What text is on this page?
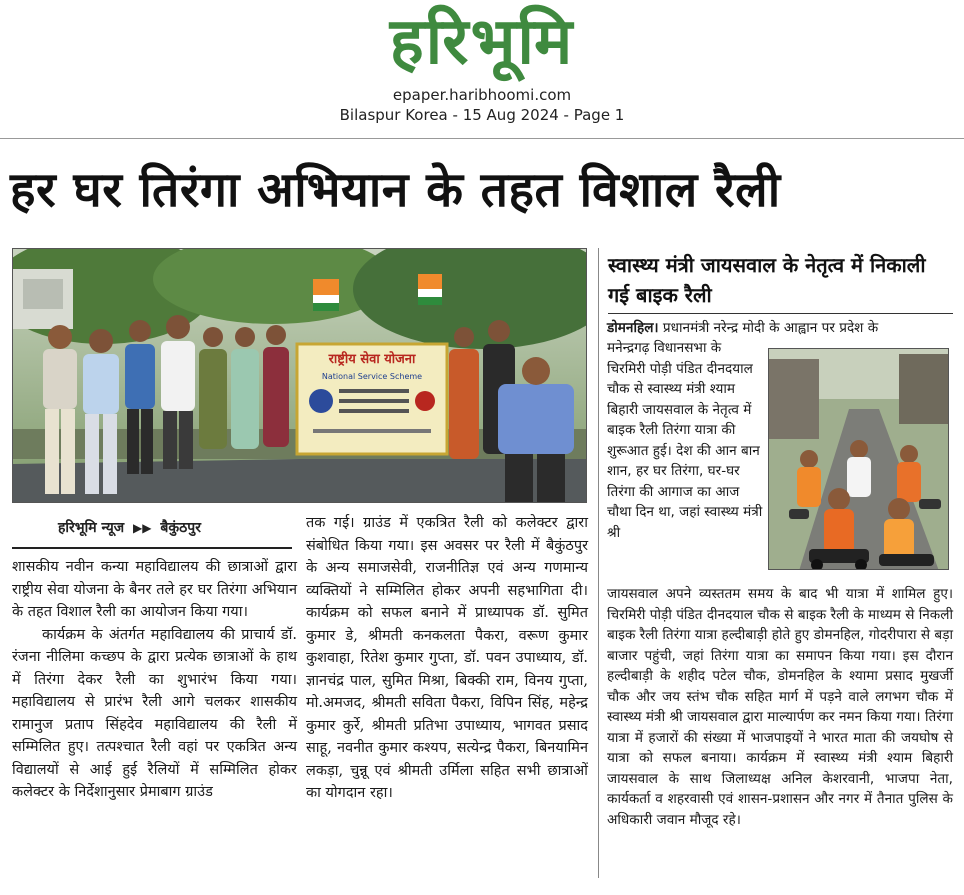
हरिभूमि
epaper.haribhoomi.com
Bilaspur Korea - 15 Aug 2024 - Page 1
हर घर तिरंगा अभियान के तहत विशाल रैली
राष्ट्रीय सेवा योजना
National Service Scheme
हरिभूमि न्यूज ▶▶ बैकुंठपुर

शासकीय नवीन कन्या महाविद्यालय की छात्राओं द्वारा राष्ट्रीय सेवा योजना के बैनर तले हर घर तिरंगा अभियान के तहत विशाल रैली का आयोजन किया गया।

कार्यक्रम के अंतर्गत महाविद्यालय की प्राचार्य डॉ. रंजना नीलिमा कच्छप के द्वारा प्रत्येक छात्राओं के हाथ में तिरंगा देकर रैली का शुभारंभ किया गया। महाविद्यालय से प्रारंभ रैली आगे चलकर शासकीय रामानुज प्रताप सिंहदेव महाविद्यालय की रैली में सम्मिलित हुए। तत्पश्चात रैली वहां पर एकत्रित अन्य विद्यालयों से आई हुई रैलियों में सम्मिलित होकर कलेक्टर के निर्देशानुसार प्रेमाबाग ग्राउंड

तक गई। ग्राउंड में एकत्रित रैली को कलेक्टर द्वारा संबोधित किया गया। इस अवसर पर रैली में बैकुंठपुर के अन्य समाजसेवी, राजनीतिज्ञ एवं अन्य गणमान्य व्यक्तियों ने सम्मिलित होकर अपनी सहभागिता दी। कार्यक्रम को सफल बनाने में प्राध्यापक डॉ. सुमित कुमार डे, श्रीमती कनकलता पैकरा, वरूण कुमार कुशवाहा, रितेश कुमार गुप्ता, डॉ. पवन उपाध्याय, डॉ. ज्ञानचंद्र पाल, सुमित मिश्रा, बिक्की राम, विनय गुप्ता, मो.अमजद, श्रीमती सविता पैकरा, विपिन सिंह, महेन्द्र कुमार कुर्रे, श्रीमती प्रतिभा उपाध्याय, भागवत प्रसाद साहू, नवनीत कुमार कश्यप, सत्येन्द्र पैकरा, बिनयामिन लकड़ा, चुन्नू एवं श्रीमती उर्मिला सहित सभी छात्राओं का योगदान रहा।

स्वास्थ्य मंत्री जायसवाल के नेतृत्व में निकाली गई बाइक रैली
डोमनहिल। प्रधानमंत्री नरेन्द्र मोदी के आह्वान पर प्रदेश के
मनेन्द्रगढ़ विधानसभा के चिरमिरी पोड़ी पंडित दीनदयाल चौक से स्वास्थ्य मंत्री श्याम बिहारी जायसवाल के नेतृत्व में बाइक रैली तिरंगा यात्रा की शुरूआत हुई। देश की आन बान शान, हर घर तिरंगा, घर-घर तिरंगा की आगाज का आज चौथा दिन था, जहां स्वास्थ्य मंत्री श्री
जायसवाल अपने व्यस्ततम समय के बाद भी यात्रा में शामिल हुए। चिरमिरी पोड़ी पंडित दीनदयाल चौक से बाइक रैली के माध्यम से निकली बाइक रैली तिरंगा यात्रा हल्दीबाड़ी होते हुए डोमनहिल, गोदरीपारा से बड़ा बाजार पहुंची, जहां तिरंगा यात्रा का समापन किया गया। इस दौरान हल्दीबाड़ी के शहीद पटेल चौक, डोमनहिल के श्यामा प्रसाद मुखर्जी चौक और जय स्तंभ चौक सहित मार्ग में पड़ने वाले लगभग चौक में स्वास्थ्य मंत्री श्री जायसवाल द्वारा माल्यार्पण कर नमन किया गया। तिरंगा यात्रा में हजारों की संख्या में भाजपाइयों ने भारत माता की जयघोष से यात्रा को सफल बनाया। कार्यक्रम में स्वास्थ्य मंत्री श्याम बिहारी जायसवाल के साथ जिलाध्यक्ष अनिल केशरवानी, भाजपा नेता, कार्यकर्ता व शहरवासी एवं शासन-प्रशासन और नगर में तैनात पुलिस के अधिकारी जवान मौजूद रहे।
